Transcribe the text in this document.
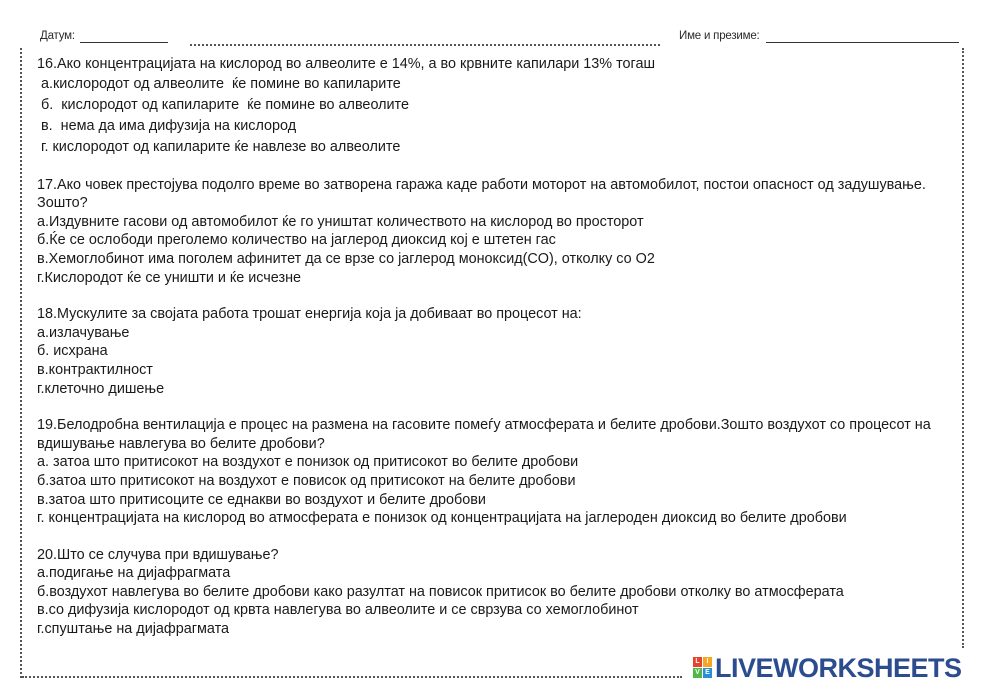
Датум:	Име и презиме:
16.Ако концентрацијата на кислород во алвеолите е 14%, а во крвните капилари 13% тогаш
а.кислородот од алвеолите  ќе помине во капиларите
б.  кислородот од капиларите  ќе помине во алвеолите
в.  нема да има дифузија на кислород
г. кислородот од капиларите ќе навлезе во алвеолите
17.Ако човек престојува подолго време во затворена гаража каде работи моторот на автомобилот, постои опасност од задушување. Зошто?
а.Издувните гасови од автомобилот ќе го уништат количеството на кислород во просторот
б.Ќе се ослободи преголемо количество на јаглерод диоксид кој е штетен гас
в.Хемоглобинот има поголем афинитет да се врзе со јаглерод моноксид(CO), отколку со O2
г.Кислородот ќе се уништи и ќе исчезне
18.Мускулите за својата работа трошат енергија која ја добиваат во процесот на:
а.излачување
б. исхрана
в.контрактилност
г.клеточно дишење
19.Белодробна вентилација е процес на размена на гасовите помеѓу атмосферата и белите дробови.Зошто воздухот со процесот на вдишување навлегува во белите дробови?
а. затоа што притисокот на воздухот е понизок од притисокот во белите дробови
б.затоа што притисокот на воздухот е повисок од притисокот на белите дробови
в.затоа што притисоците се еднакви во воздухот и белите дробови
г. концентрацијата на кислород во атмосферата е понизок од концентрацијата на јаглероден диоксид во белите дробови
20.Што се случува при вдишување?
а.подигање на дијафрагмата
б.воздухот навлегува во белите дробови како разултат на повисок притисок во белите дробови отколку во атмосферата
в.со дифузија кислородот од крвта навлегува во алвеолите и се сврзува со хемоглобинот
г.спуштање на дијафрагмата
L I
V E LIVEWORKSHEETS
